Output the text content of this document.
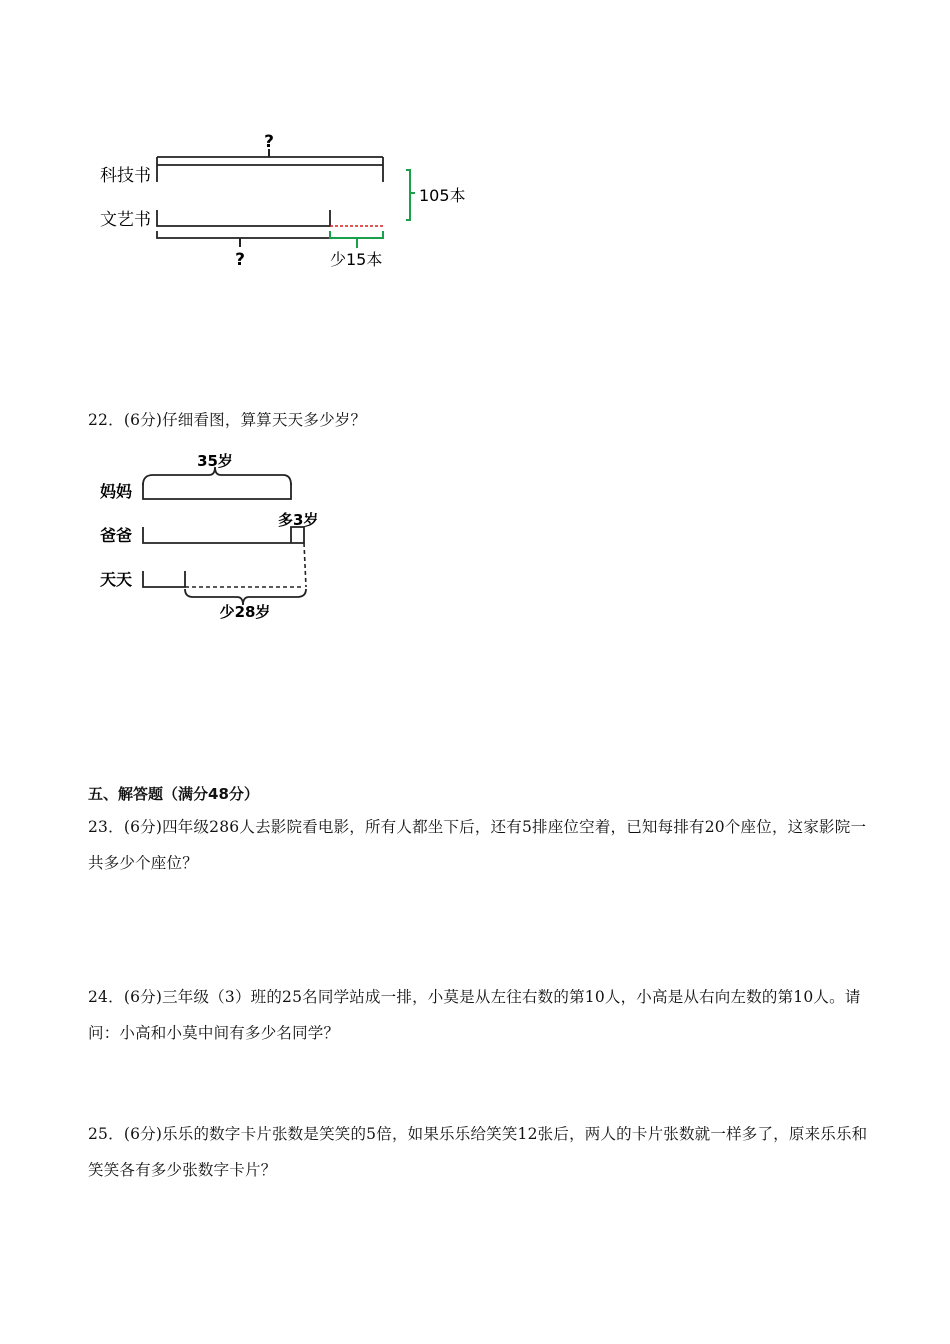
?
科技书
105本
文艺书
?	少15本
22．(6分)仔细看图，算算天天多少岁？
35岁
妈妈
多3岁
爸爸
天天
少28岁
五、解答题（满分48分）
23．(6分)四年级286人去影院看电影，所有人都坐下后，还有5排座位空着，已知每排有20个座位，这家影院一共多少个座位？
24．(6分)三年级（3）班的25名同学站成一排，小莫是从左往右数的第10人，小高是从右向左数的第10人。请问：小高和小莫中间有多少名同学？
25．(6分)乐乐的数字卡片张数是笑笑的5倍，如果乐乐给笑笑12张后，两人的卡片张数就一样多了，原来乐乐和笑笑各有多少张数字卡片？
